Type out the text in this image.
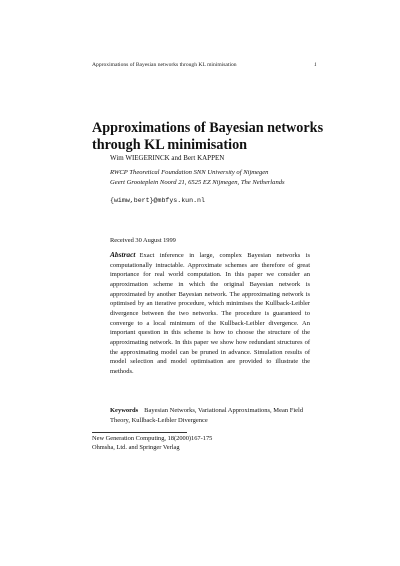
Approximations of Bayesian networks through KL minimisation	1
Approximations of Bayesian networks through KL minimisation
Wim WIEGERINCK and Bert KAPPEN
RWCP Theoretical Foundation SNN University of Nijmegen
Geert Grooteplein Noord 21, 6525 EZ Nijmegen, The Netherlands
{wimw,bert}@mbfys.kun.nl
Received 30 August 1999
Abstract Exact inference in large, complex Bayesian networks is computationally intractable. Approximate schemes are therefore of great importance for real world computation. In this paper we consider an approximation scheme in which the original Bayesian network is approximated by another Bayesian network. The approximating network is optimised by an iterative procedure, which minimises the Kullback-Leibler divergence between the two networks. The procedure is guaranteed to converge to a local minimum of the Kullback-Leibler divergence. An important question in this scheme is how to choose the structure of the approximating network. In this paper we show how redundant structures of the approximating model can be pruned in advance. Simulation results of model selection and model optimisation are provided to illustrate the methods.
Keywords Bayesian Networks, Variational Approximations, Mean Field Theory, Kullback-Leibler Divergence
New Generation Computing, 18(2000)167-175
Ohmsha, Ltd. and Springer Verlag
